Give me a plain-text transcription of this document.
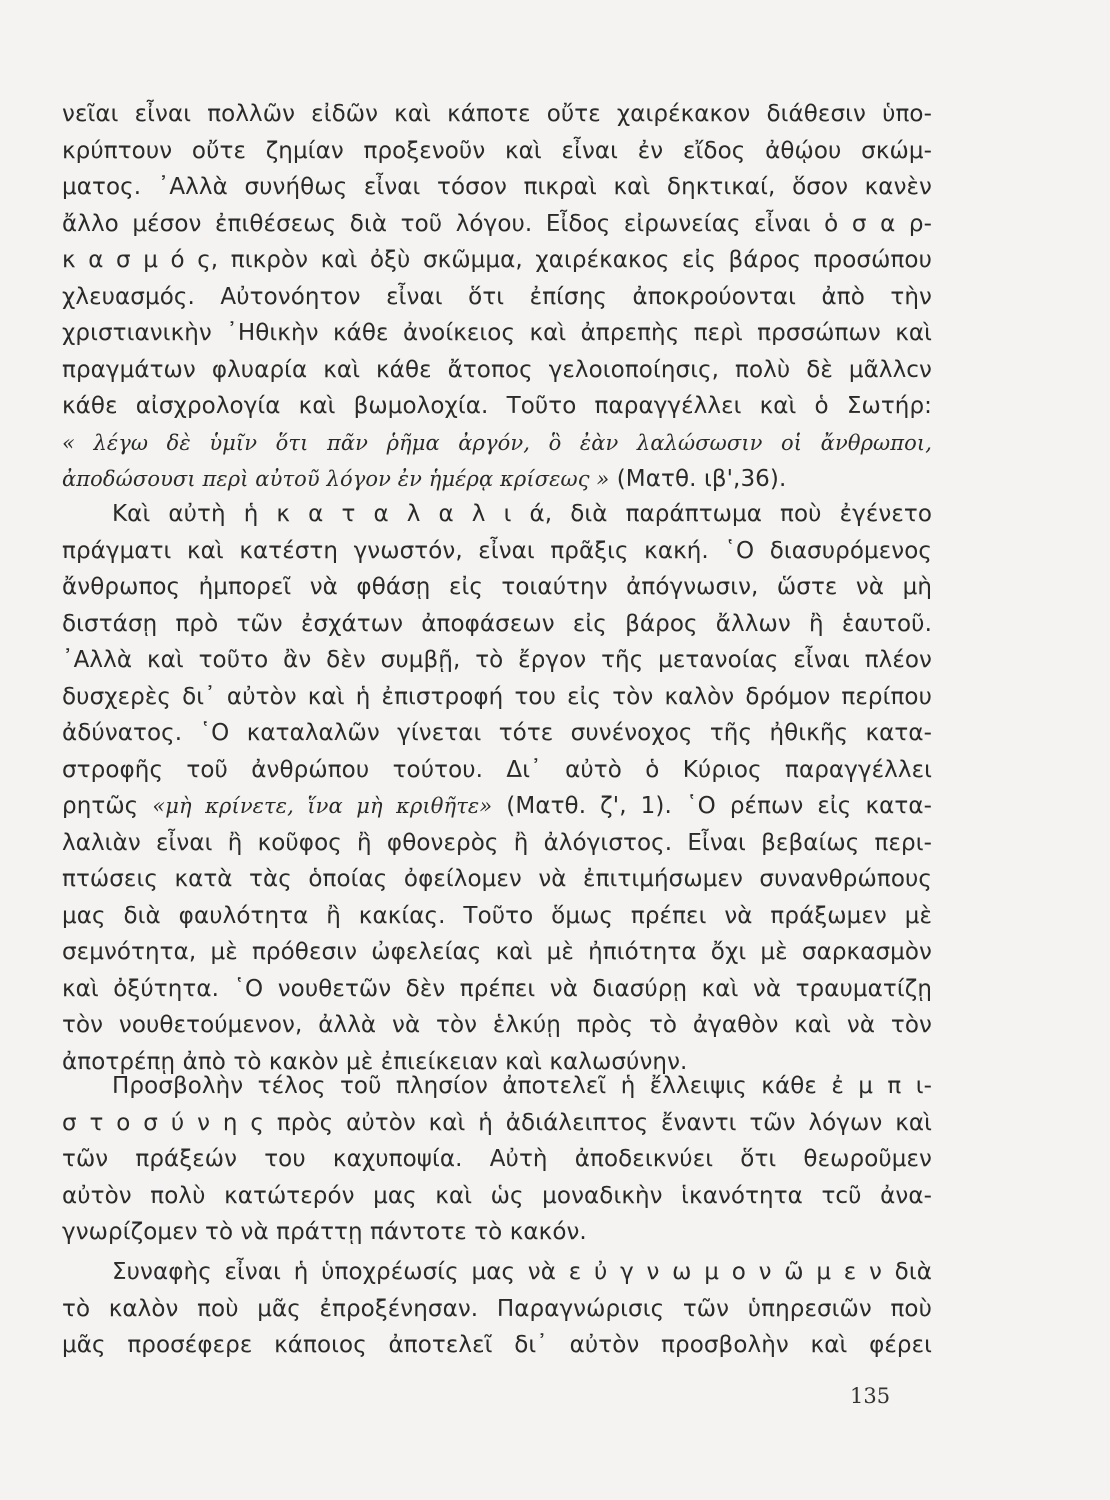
νεῖαι εἶναι πολλῶν εἰδῶν καὶ κάποτε οὔτε χαιρέκακον διάθεσιν ὑπο-
κρύπτουν οὔτε ζημίαν προξενοῦν καὶ εἶναι ἐν εἴδος ἀθῴου σκώμ-
ματος. ᾿Αλλὰ συνήθως εἶναι τόσον πικραὶ καὶ δηκτικαί, ὅσον κανὲν
ἄλλο μέσον ἐπιθέσεως διὰ τοῦ λόγου. Εἶδος εἰρωνείας εἶναι ὁ σ α ρ-
κ α σ μ ό ς, πικρὸν καὶ ὀξὺ σκῶμμα, χαιρέκακος εἰς βάρος προσώπου
χλευασμός. Αὐτονόητον εἶναι ὅτι ἐπίσης ἀποκρούονται ἀπὸ τὴν
χριστιανικὴν ᾿Ηθικὴν κάθε ἀνοίκειος καὶ ἀπρεπὴς περὶ πρσσώπων καὶ
πραγμάτων φλυαρία καὶ κάθε ἄτοπος γελοιοποίησις, πολὺ δὲ μᾶλλcν
κάθε αἰσχρολογία καὶ βωμολοχία. Τοῦτο παραγγέλλει καὶ ὁ Σωτήρ:
« λέγω δὲ ὑμῖν ὅτι πᾶν ῥῆμα ἀργόν, ὃ ἐὰν λαλώσωσιν οἱ ἄνθρωποι,
ἀποδώσουσι περὶ αὐτοῦ λόγον ἐν ἡμέρᾳ κρίσεως » (Ματθ. ιβ',36).
Καὶ αὐτὴ ἡ κ α τ α λ α λ ι ά, διὰ παράπτωμα ποὺ ἐγένετο
πράγματι καὶ κατέστη γνωστόν, εἶναι πρᾶξις κακή. ῾Ο διασυρόμενος
ἄνθρωπος ἠμπορεῖ νὰ φθάσῃ εἰς τοιαύτην ἀπόγνωσιν, ὥστε νὰ μὴ
διστάσῃ πρὸ τῶν ἐσχάτων ἀποφάσεων εἰς βάρος ἄλλων ἢ ἑαυτοῦ.
᾿Αλλὰ καὶ τοῦτο ἂν δὲν συμβῇ, τὸ ἔργον τῆς μετανοίας εἶναι πλέον
δυσχερὲς δι᾿ αὐτὸν καὶ ἡ ἐπιστροφή του εἰς τὸν καλὸν δρόμον περίπου
ἀδύνατος. ῾Ο καταλαλῶν γίνεται τότε συνένοχος τῆς ἠθικῆς κατα-
στροφῆς τοῦ ἀνθρώπου τούτου. Δι᾿ αὐτὸ ὁ Κύριος παραγγέλλει
ρητῶς «μὴ κρίνετε, ἵνα μὴ κριθῆτε» (Ματθ. ζ', 1). ῾Ο ρέπων εἰς κατα-
λαλιὰν εἶναι ἢ κοῦφος ἢ φθονερὸς ἢ ἀλόγιστος. Εἶναι βεβαίως περι-
πτώσεις κατὰ τὰς ὁποίας ὀφείλομεν νὰ ἐπιτιμήσωμεν συνανθρώπους
μας διὰ φαυλότητα ἢ κακίας. Τοῦτο ὅμως πρέπει νὰ πράξωμεν μὲ
σεμνότητα, μὲ πρόθεσιν ὠφελείας καὶ μὲ ἠπιότητα ὄχι μὲ σαρκασμὸν
καὶ ὀξύτητα. ῾Ο νουθετῶν δὲν πρέπει νὰ διασύρῃ καὶ νὰ τραυματίζῃ
τὸν νουθετούμενον, ἀλλὰ νὰ τὸν ἑλκύῃ πρὸς τὸ ἀγαθὸν καὶ νὰ τὸν
ἀποτρέπῃ ἀπὸ τὸ κακὸν μὲ ἐπιείκειαν καὶ καλωσύνην.
Προσβολὴν τέλος τοῦ πλησίον ἀποτελεῖ ἡ ἔλλειψις κάθε ἐ μ π ι-
σ τ ο σ ύ ν η ς πρὸς αὐτὸν καὶ ἡ ἀδιάλειπτος ἔναντι τῶν λόγων καὶ
τῶν πράξεών του καχυποψία. Αὐτὴ ἀποδεικνύει ὅτι θεωροῦμεν
αὐτὸν πολὺ κατώτερόν μας καὶ ὡς μοναδικὴν ἱκανότητα τcῦ ἀνα-
γνωρίζομεν τὸ νὰ πράττῃ πάντοτε τὸ κακόν.
Συναφὴς εἶναι ἡ ὑποχρέωσίς μας νὰ ε ὐ γ ν ω μ ο ν ῶ μ ε ν διὰ
τὸ καλὸν ποὺ μᾶς ἐπροξένησαν. Παραγνώρισις τῶν ὑπηρεσιῶν ποὺ
μᾶς προσέφερε κάποιος ἀποτελεῖ δι᾿ αὐτὸν προσβολὴν καὶ φέρει
135
